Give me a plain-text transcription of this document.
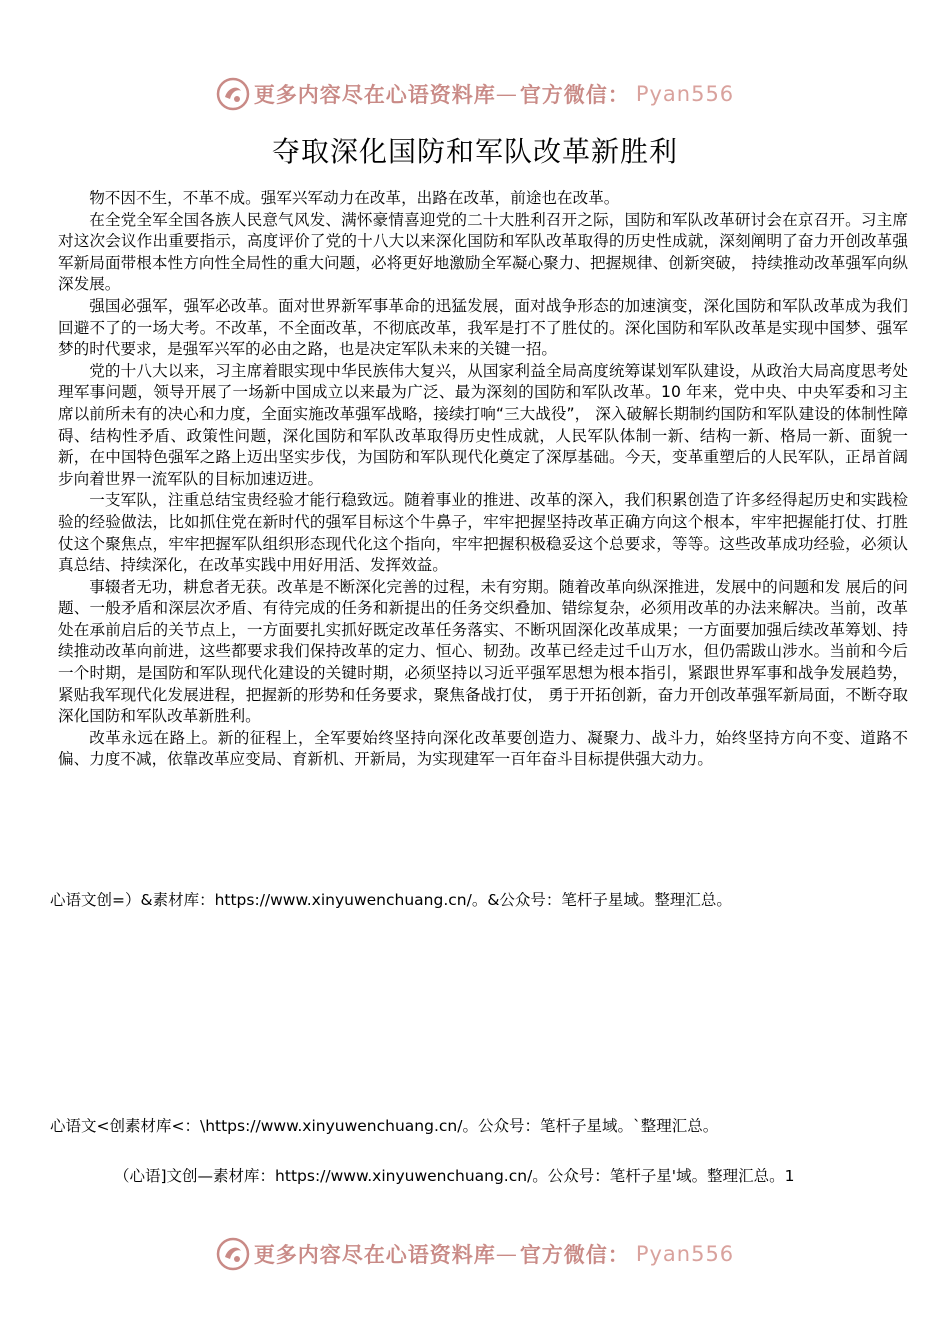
更多内容尽在心语资料库 — 官方微信： Pyan556
夺取深化国防和军队改革新胜利

物不因不生，不革不成。强军兴军动力在改革，出路在改革，前途也在改革。

在全党全军全国各族人民意气风发、满怀豪情喜迎党的二十大胜利召开之际，国防和军队改革研讨会在京召开。习主席对这次会议作出重要指示，高度评价了党的十八大以来深化国防和军队改革取得的历史性成就，深刻阐明了奋力开创改革强军新局面带根本性方向性全局性的重大问题，必将更好地激励全军凝心聚力、把握规律、创新突破， 持续推动改革强军向纵深发展。

强国必强军，强军必改革。面对世界新军事革命的迅猛发展，面对战争形态的加速演变，深化国防和军队改革成为我们回避不了的一场大考。不改革，不全面改革，不彻底改革，我军是打不了胜仗的。深化国防和军队改革是实现中国梦、强军梦的时代要求，是强军兴军的必由之路，也是决定军队未来的关键一招。

党的十八大以来，习主席着眼实现中华民族伟大复兴，从国家利益全局高度统筹谋划军队建设，从政治大局高度思考处理军事问题，领导开展了一场新中国成立以来最为广泛、最为深刻的国防和军队改革。10 年来，党中央、中央军委和习主席以前所未有的决心和力度，全面实施改革强军战略，接续打响“三大战役”， 深入破解长期制约国防和军队建设的体制性障碍、结构性矛盾、政策性问题，深化国防和军队改革取得历史性成就，人民军队体制一新、结构一新、格局一新、面貌一新，在中国特色强军之路上迈出坚实步伐，为国防和军队现代化奠定了深厚基础。今天，变革重塑后的人民军队，正昂首阔步向着世界一流军队的目标加速迈进。

一支军队，注重总结宝贵经验才能行稳致远。随着事业的推进、改革的深入，我们积累创造了许多经得起历史和实践检验的经验做法，比如抓住党在新时代的强军目标这个牛鼻子，牢牢把握坚持改革正确方向这个根本，牢牢把握能打仗、打胜仗这个聚焦点，牢牢把握军队组织形态现代化这个指向，牢牢把握积极稳妥这个总要求，等等。这些改革成功经验，必须认真总结、持续深化，在改革实践中用好用活、发挥效益。

事辍者无功，耕怠者无获。改革是不断深化完善的过程，未有穷期。随着改革向纵深推进，发展中的问题和发 展后的问题、一般矛盾和深层次矛盾、有待完成的任务和新提出的任务交织叠加、错综复杂，必须用改革的办法来解决。当前，改革处在承前启后的关节点上，一方面要扎实抓好既定改革任务落实、不断巩固深化改革成果；一方面要加强后续改革筹划、持续推动改革向前进，这些都要求我们保持改革的定力、恒心、韧劲。改革已经走过千山万水，但仍需跋山涉水。当前和今后一个时期，是国防和军队现代化建设的关键时期，必须坚持以习近平强军思想为根本指引，紧跟世界军事和战争发展趋势，紧贴我军现代化发展进程，把握新的形势和任务要求，聚焦备战打仗， 勇于开拓创新，奋力开创改革强军新局面，不断夺取深化国防和军队改革新胜利。

改革永远在路上。新的征程上，全军要始终坚持向深化改革要创造力、凝聚力、战斗力，始终坚持方向不变、道路不偏、力度不减，依靠改革应变局、育新机、开新局，为实现建军一百年奋斗目标提供强大动力。

心语文创=）&素材库：https://www.xinyuwenchuang.cn/。&公众号：笔杆子星域。整理汇总。
心语文<创素材库<：\https://www.xinyuwenchuang.cn/。公众号：笔杆子星域。`整理汇总。
（心语]文创—素材库：https://www.xinyuwenchuang.cn/。公众号：笔杆子星'域。整理汇总。1
更多内容尽在心语资料库 — 官方微信： Pyan556
